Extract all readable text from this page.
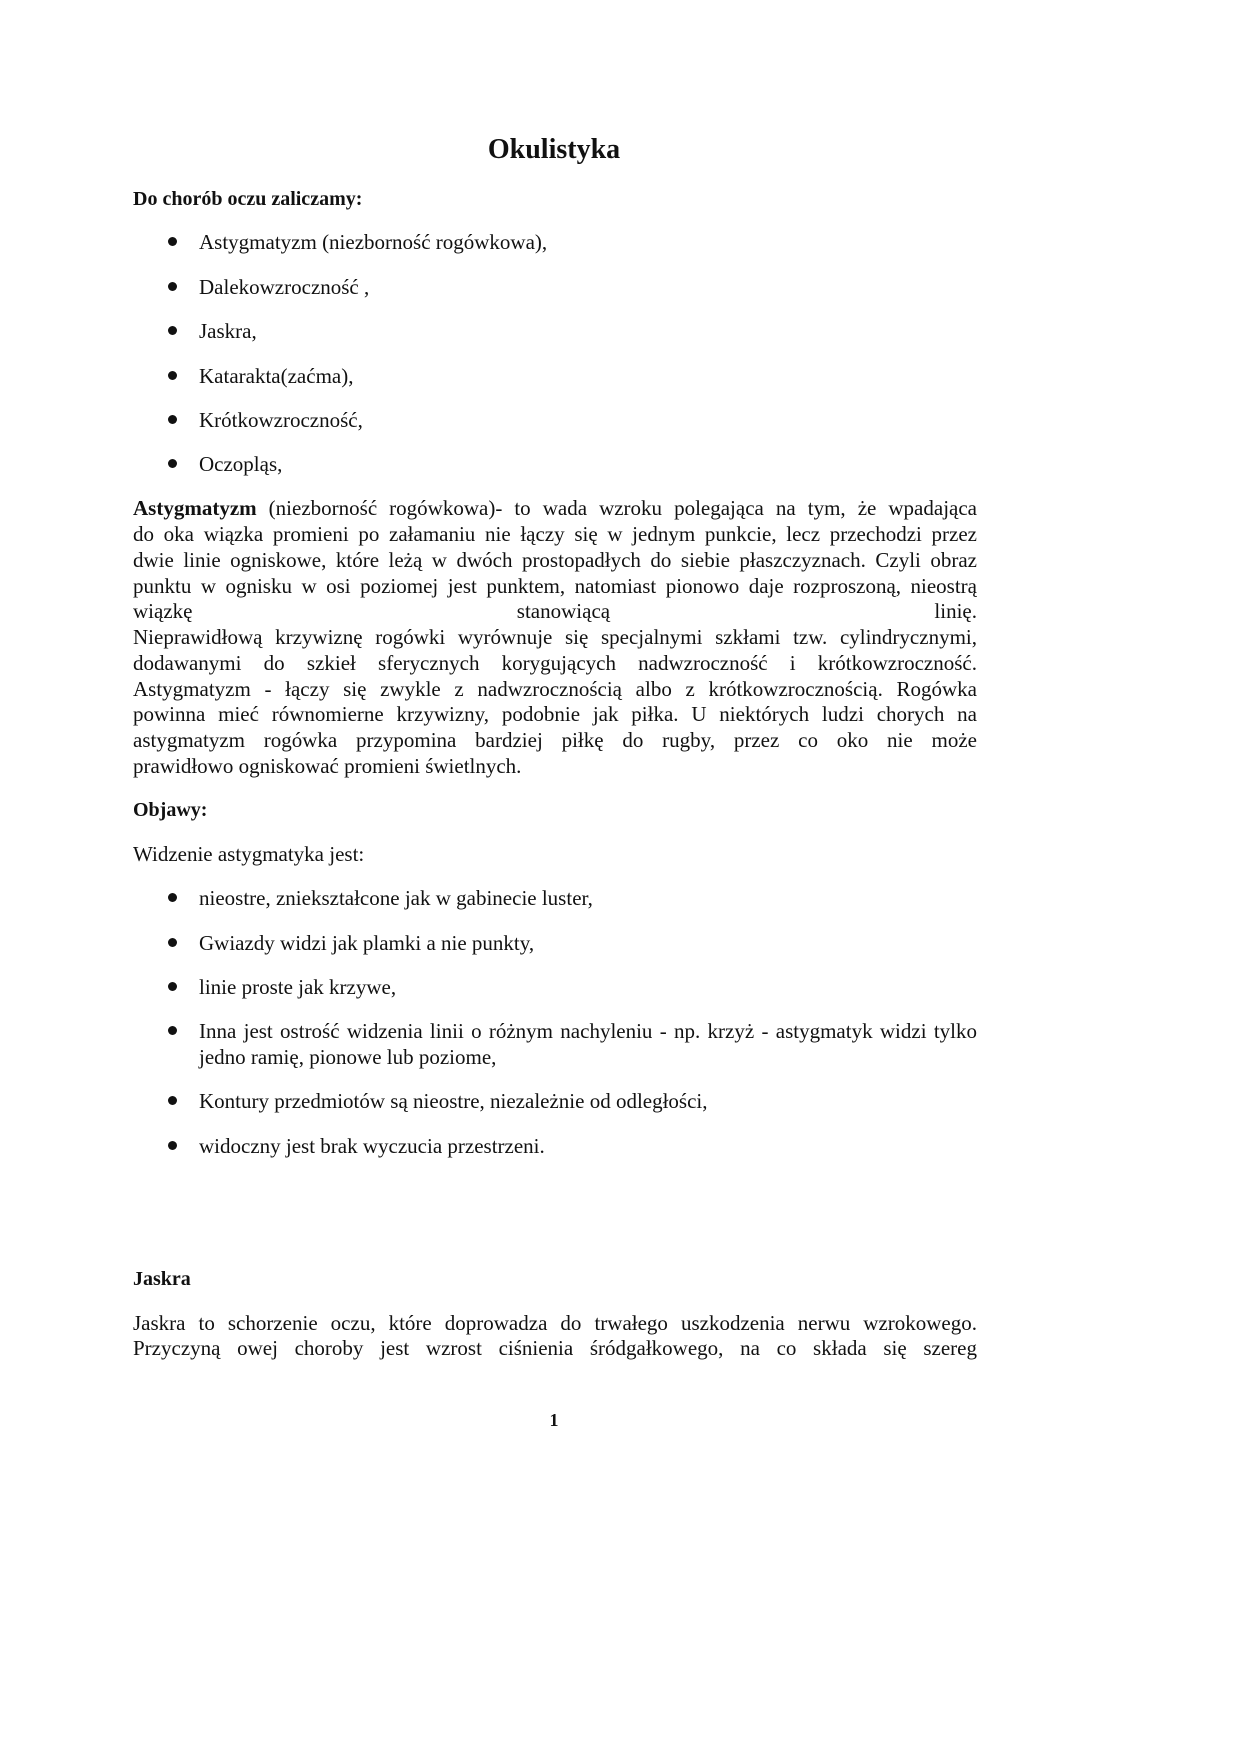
Okulistyka
Do chorób oczu zaliczamy:
Astygmatyzm (niezborność rogówkowa),
Dalekowzroczność ,
Jaskra,
Katarakta(zaćma),
Krótkowzroczność,
Oczopląs,
Astygmatyzm (niezborność rogówkowa)- to wada wzroku polegająca na tym, że wpadająca
do oka wiązka promieni po załamaniu nie łączy się w jednym punkcie, lecz przechodzi przez
dwie linie ogniskowe, które leżą w dwóch prostopadłych do siebie płaszczyznach. Czyli obraz
punktu w ognisku w osi poziomej jest punktem, natomiast pionowo daje rozproszoną, nieostrą
wiązkę stanowiącą linię.
Nieprawidłową krzywiznę rogówki wyrównuje się specjalnymi szkłami tzw. cylindrycznymi,
dodawanymi do szkieł sferycznych korygujących nadwzroczność i krótkowzroczność.
Astygmatyzm - łączy się zwykle z nadwzrocznością albo z krótkowzrocznością. Rogówka
powinna mieć równomierne krzywizny, podobnie jak piłka. U niektórych ludzi chorych na
astygmatyzm rogówka przypomina bardziej piłkę do rugby, przez co oko nie może
prawidłowo ogniskować promieni świetlnych.
Objawy:
Widzenie astygmatyka jest:
nieostre, zniekształcone jak w gabinecie luster,
Gwiazdy widzi jak plamki a nie punkty,
linie proste jak krzywe,
Inna jest ostrość widzenia linii o różnym nachyleniu - np. krzyż - astygmatyk widzi tylko jedno ramię, pionowe lub poziome,
Kontury przedmiotów są nieostre, niezależnie od odległości,
widoczny jest brak wyczucia przestrzeni.
Jaskra
Jaskra to schorzenie oczu, które doprowadza do trwałego uszkodzenia nerwu wzrokowego.
Przyczyną owej choroby jest wzrost ciśnienia śródgałkowego, na co składa się szereg
1
